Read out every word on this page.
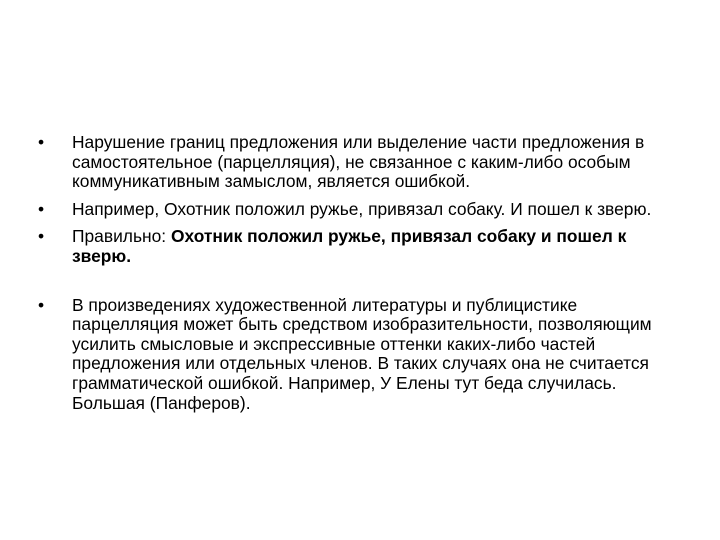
• Нарушение границ предложения или выделение части предложения в самостоятельное (парцелляция), не связанное с каким-либо особым коммуникативным замыслом, является ошибкой.
• Например, Охотник положил ружье, привязал собаку. И пошел к зверю.
• Правильно: Охотник положил ружье, привязал собаку и пошел к зверю.
• В произведениях художественной литературы и публицистике парцелляция может быть средством изобразительности, позволяющим усилить смысловые и экспрессивные оттенки каких-либо частей предложения или отдельных членов. В таких случаях она не считается грамматической ошибкой. Например, У Елены тут беда случилась. Большая (Панферов).
